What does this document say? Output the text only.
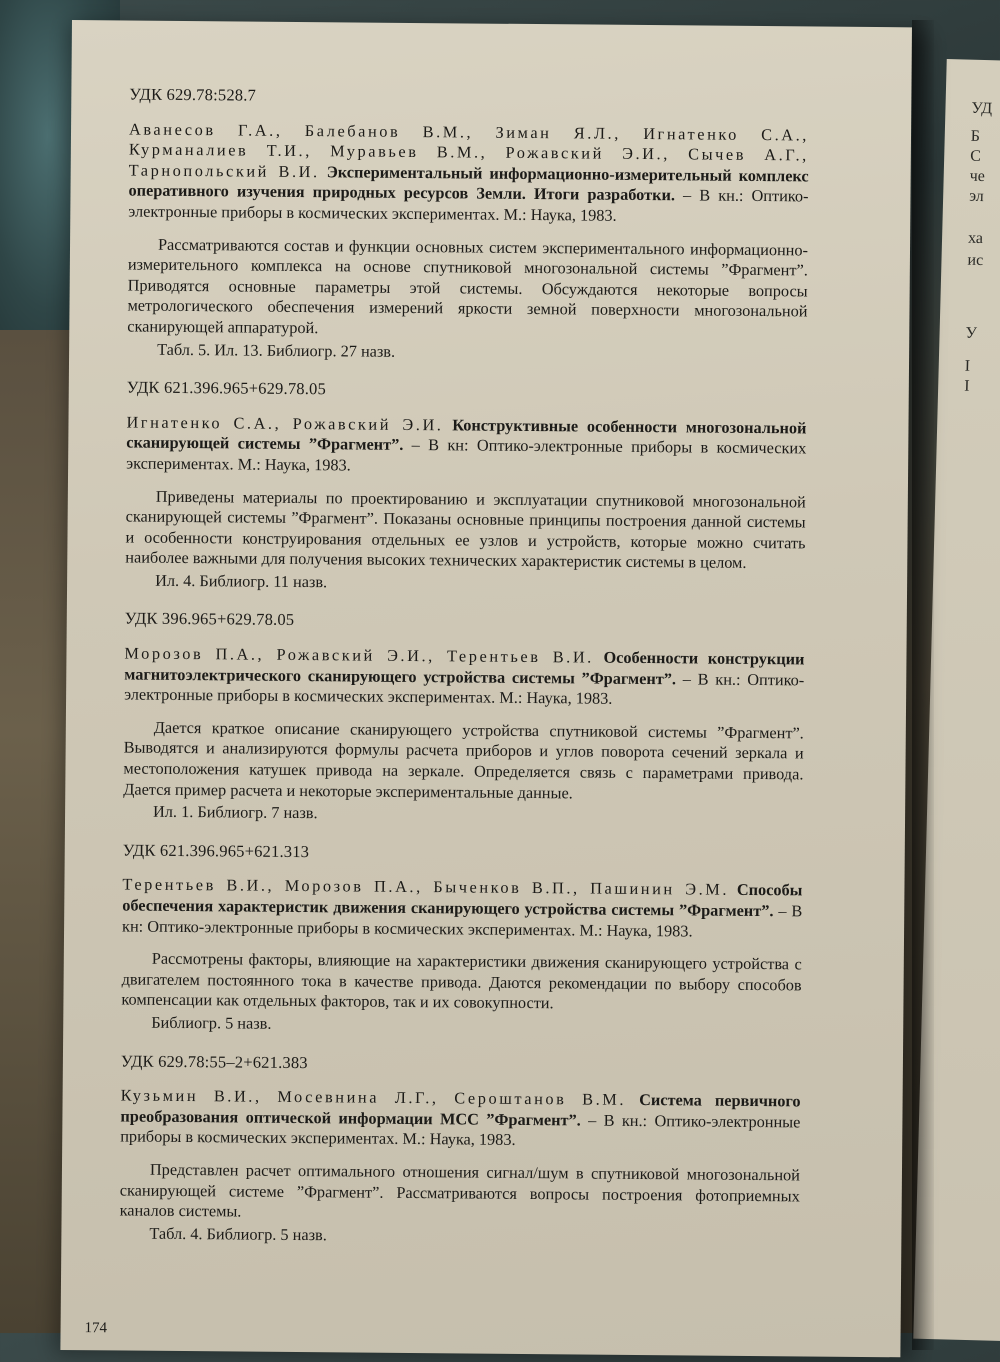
УД
Б
С
че
эл
ха
ис
У
I
I
УДК 629.78:528.7
Аванесов Г.А., Балебанов В.М., Зиман Я.Л., Игнатенко С.А., Курманалиев Т.И., Муравьев В.М., Рожавский Э.И., Сычев А.Г., Тарнопольский В.И. Экспериментальный информационно-измерительный комплекс оперативного изучения природных ресурсов Земли. Итоги разработки. – В кн.: Оптико-электронные приборы в космических экспериментах. М.: Наука, 1983.
Рассматриваются состав и функции основных систем экспериментального информационно-измерительного комплекса на основе спутниковой многозональной системы ”Фрагмент”. Приводятся основные параметры этой системы. Обсуждаются некоторые вопросы метрологического обеспечения измерений яркости земной поверхности многозональной сканирующей аппаратурой.
Табл. 5. Ил. 13. Библиогр. 27 назв.
УДК 621.396.965+629.78.05
Игнатенко С.А., Рожавский Э.И. Конструктивные особенности многозональной сканирующей системы ”Фрагмент”. – В кн: Оптико-электронные приборы в космических экспериментах. М.: Наука, 1983.
Приведены материалы по проектированию и эксплуатации спутниковой многозональной сканирующей системы ”Фрагмент”. Показаны основные принципы построения данной системы и особенности конструирования отдельных ее узлов и устройств, которые можно считать наиболее важными для получения высоких технических характеристик системы в целом.
Ил. 4. Библиогр. 11 назв.
УДК 396.965+629.78.05
Морозов П.А., Рожавский Э.И., Терентьев В.И. Особенности конструкции магнитоэлектрического сканирующего устройства системы ”Фрагмент”. – В кн.: Оптико-электронные приборы в космических экспериментах. М.: Наука, 1983.
Дается краткое описание сканирующего устройства спутниковой системы ”Фрагмент”. Выводятся и анализируются формулы расчета приборов и углов поворота сечений зеркала и местоположения катушек привода на зеркале. Определяется связь с параметрами привода. Дается пример расчета и некоторые экспериментальные данные.
Ил. 1. Библиогр. 7 назв.
УДК 621.396.965+621.313
Терентьев В.И., Морозов П.А., Быченков В.П., Пашинин Э.М. Способы обеспечения характеристик движения сканирующего устройства системы ”Фрагмент”. – В кн: Оптико-электронные приборы в космических экспериментах. М.: Наука, 1983.
Рассмотрены факторы, влияющие на характеристики движения сканирующего устройства с двигателем постоянного тока в качестве привода. Даются рекомендации по выбору способов компенсации как отдельных факторов, так и их совокупности.
Библиогр. 5 назв.
УДК 629.78:55–2+621.383
Кузьмин В.И., Мосевнина Л.Г., Сероштанов В.М. Система первичного преобразования оптической информации МСС ”Фрагмент”. – В кн.: Оптико-электронные приборы в космических экспериментах. М.: Наука, 1983.
Представлен расчет оптимального отношения сигнал/шум в спутниковой многозональной сканирующей системе ”Фрагмент”. Рассматриваются вопросы построения фотоприемных каналов системы.
Табл. 4. Библиогр. 5 назв.
174
